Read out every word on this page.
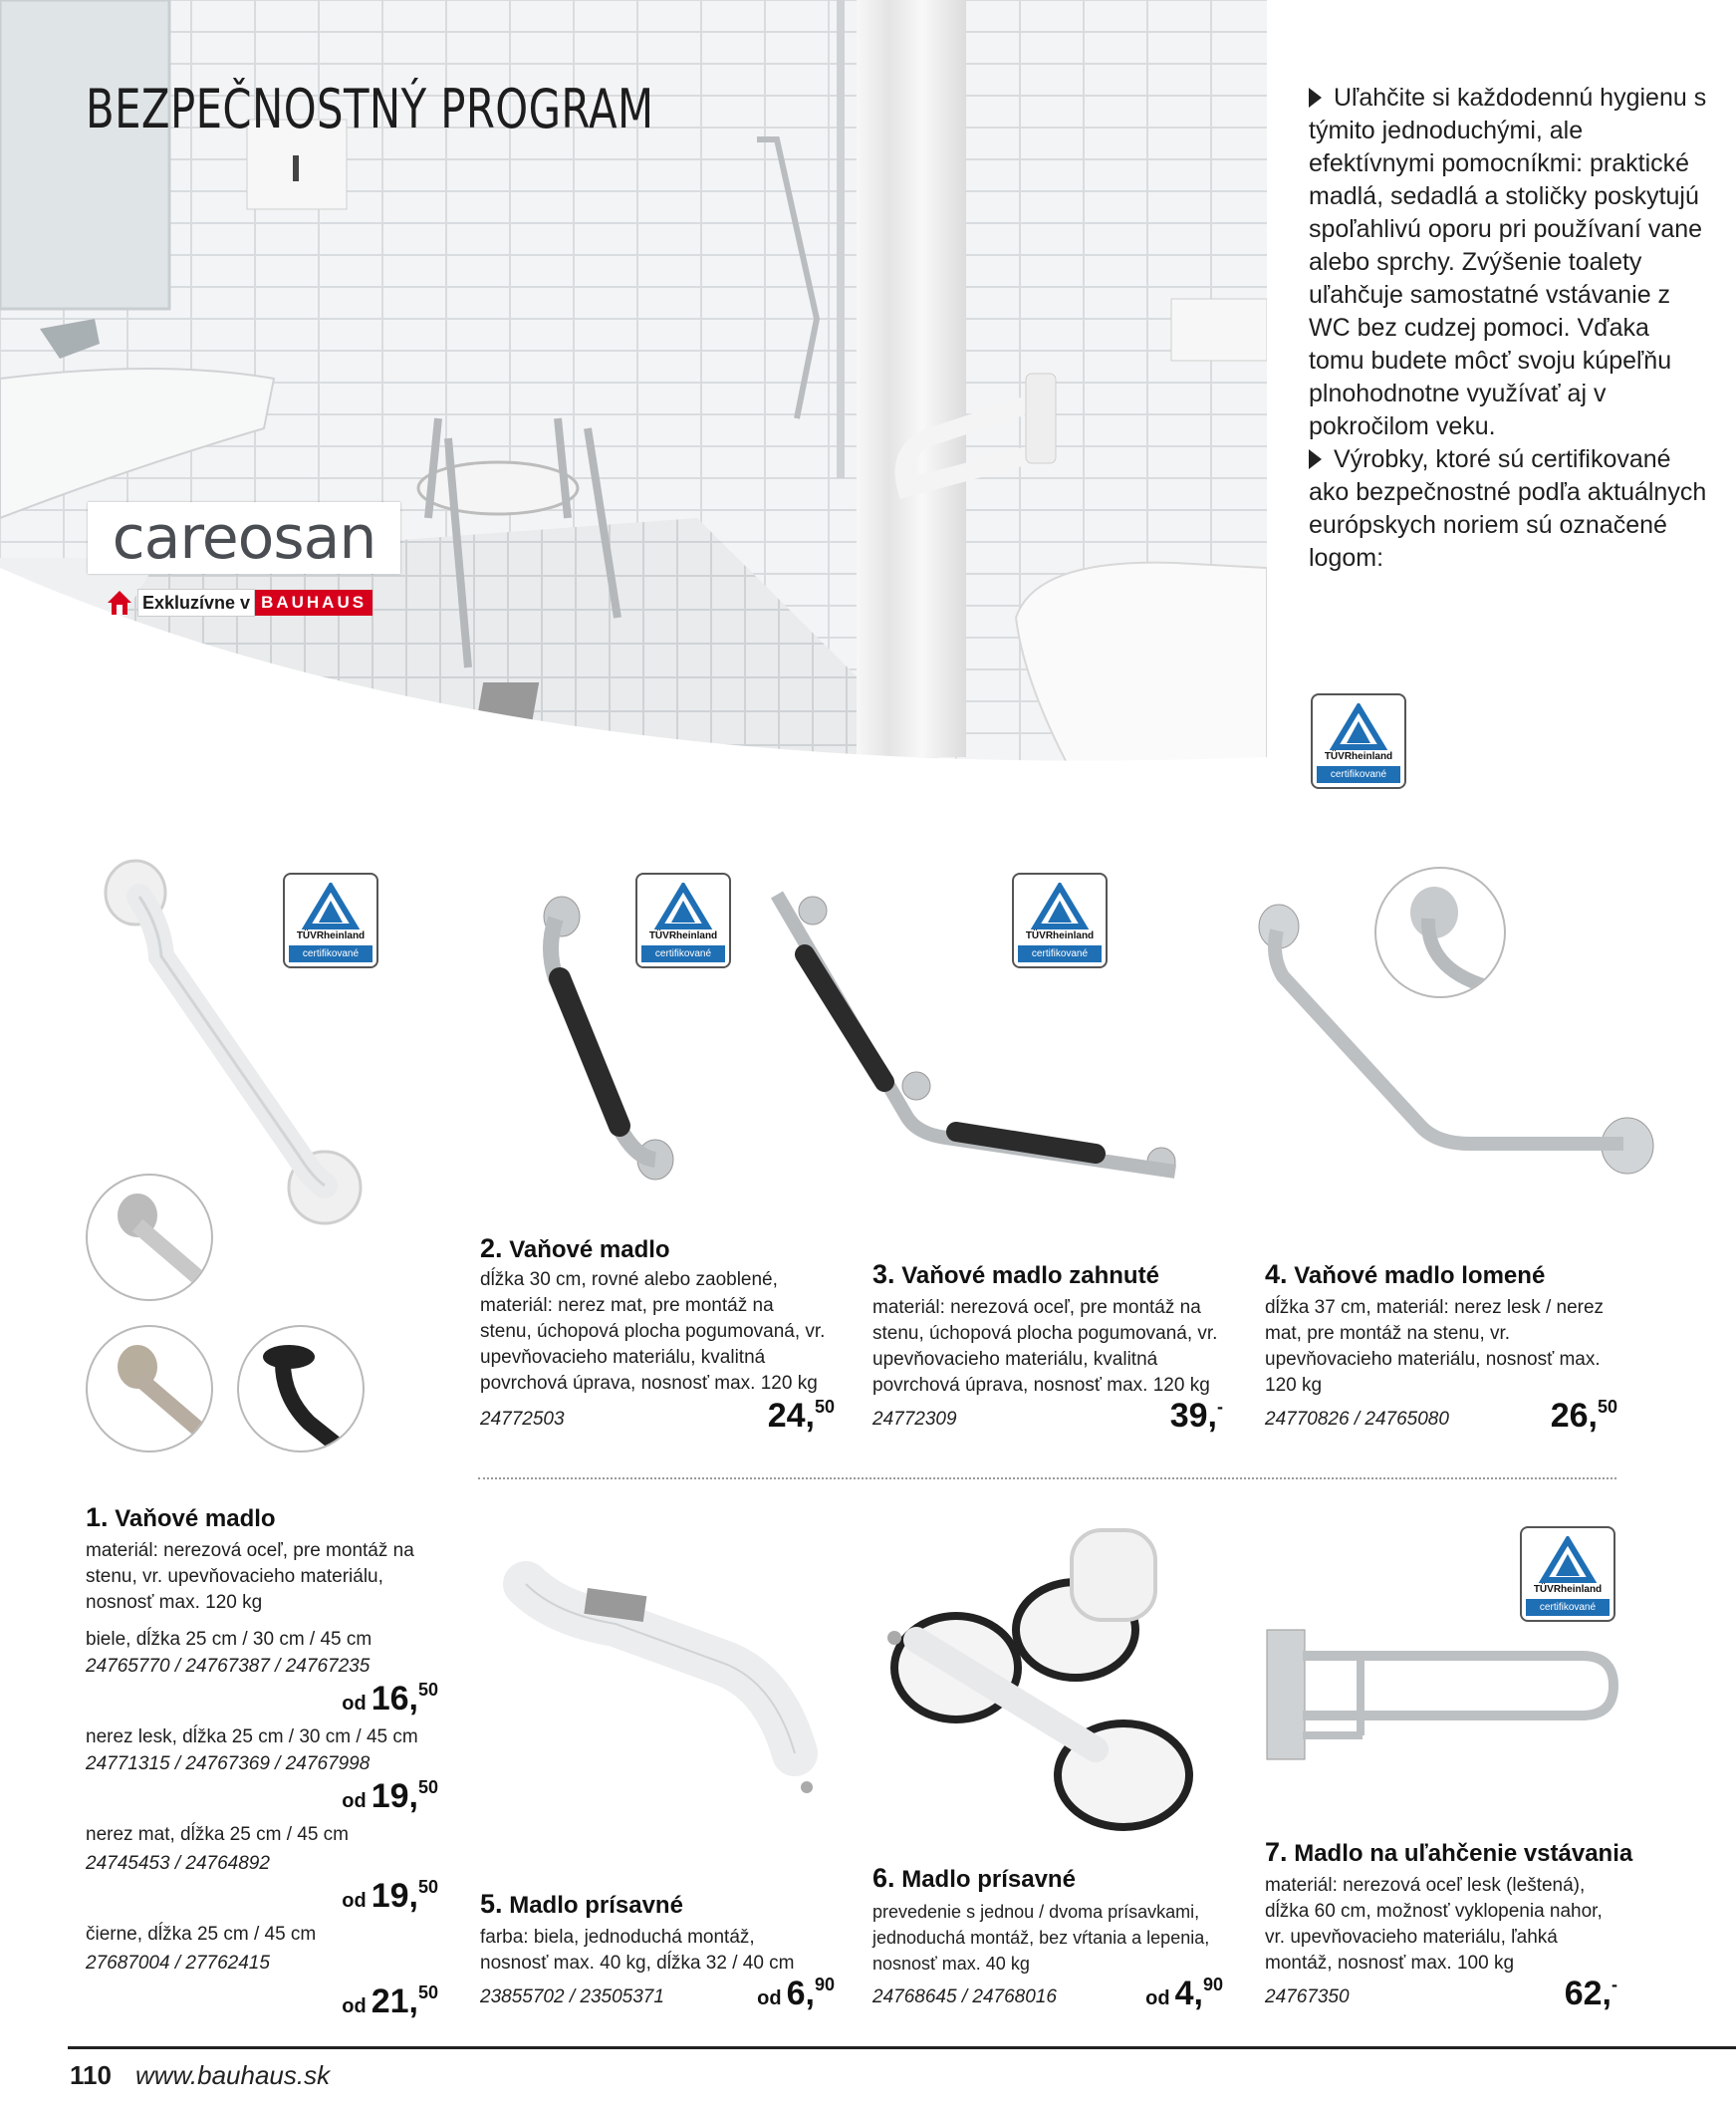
BEZPEČNOSTNÝ PROGRAM
careosan
Exkluzívne v BAUHAUS

Uľahčite si každodennú hygienu s týmito jednoduchými, ale efektívnymi pomocníkmi: praktické madlá, sedadlá a stoličky poskytujú spoľahlivú oporu pri používaní vane alebo sprchy. Zvýšenie toalety uľahčuje samostatné vstávanie z WC bez cudzej pomoci. Vďaka tomu budete môcť svoju kúpeľňu plnohodnotne využívať aj v pokročilom veku.

Výrobky, ktoré sú certifikované ako bezpečnostné podľa aktuálnych európskych noriem sú označené logom:

TÜVRheinland
certifikované
TÜVRheinland
certifikované
TÜVRheinland
certifikované
TÜVRheinland
certifikované
TÜVRheinland
certifikované
2. Vaňové madlo
dĺžka 30 cm, rovné alebo zaoblené, materiál: nerez mat, pre montáž na stenu, úchopová plocha pogumovaná, vr. upevňovacieho materiálu, kvalitná povrchová úprava, nosnosť max. 120 kg
24772503	24,50
3. Vaňové madlo zahnuté
materiál: nerezová oceľ, pre montáž na stenu, úchopová plocha pogumovaná, vr. upevňovacieho materiálu, kvalitná povrchová úprava, nosnosť max. 120 kg
24772309	39,-
4. Vaňové madlo lomené
dĺžka 37 cm, materiál: nerez lesk / nerez mat, pre montáž na stenu, vr. upevňovacieho materiálu, nosnosť max. 120 kg
24770826 / 24765080	26,50
1. Vaňové madlo
materiál: nerezová oceľ, pre montáž na stenu, vr. upevňovacieho materiálu, nosnosť max. 120 kg
biele, dĺžka 25 cm / 30 cm / 45 cm
24765770 / 24767387 / 24767235
od 16,50
nerez lesk, dĺžka 25 cm / 30 cm / 45 cm
24771315 / 24767369 / 24767998
od 19,50
nerez mat, dĺžka 25 cm / 45 cm
24745453 / 24764892
od 19,50
čierne, dĺžka 25 cm / 45 cm
27687004 / 27762415
od 21,50
5. Madlo prísavné
farba: biela, jednoduchá montáž, nosnosť max. 40 kg, dĺžka 32 / 40 cm
23855702 / 23505371	od 6,90
6. Madlo prísavné
prevedenie s jednou / dvoma prísavkami, jednoduchá montáž, bez vŕtania a lepenia, nosnosť max. 40 kg
24768645 / 24768016	od 4,90
7. Madlo na uľahčenie vstávania
materiál: nerezová oceľ lesk (leštená), dĺžka 60 cm, možnosť vyklopenia nahor, vr. upevňovacieho materiálu, ľahká montáž, nosnosť max. 100 kg
24767350	62,-
110 www.bauhaus.sk
